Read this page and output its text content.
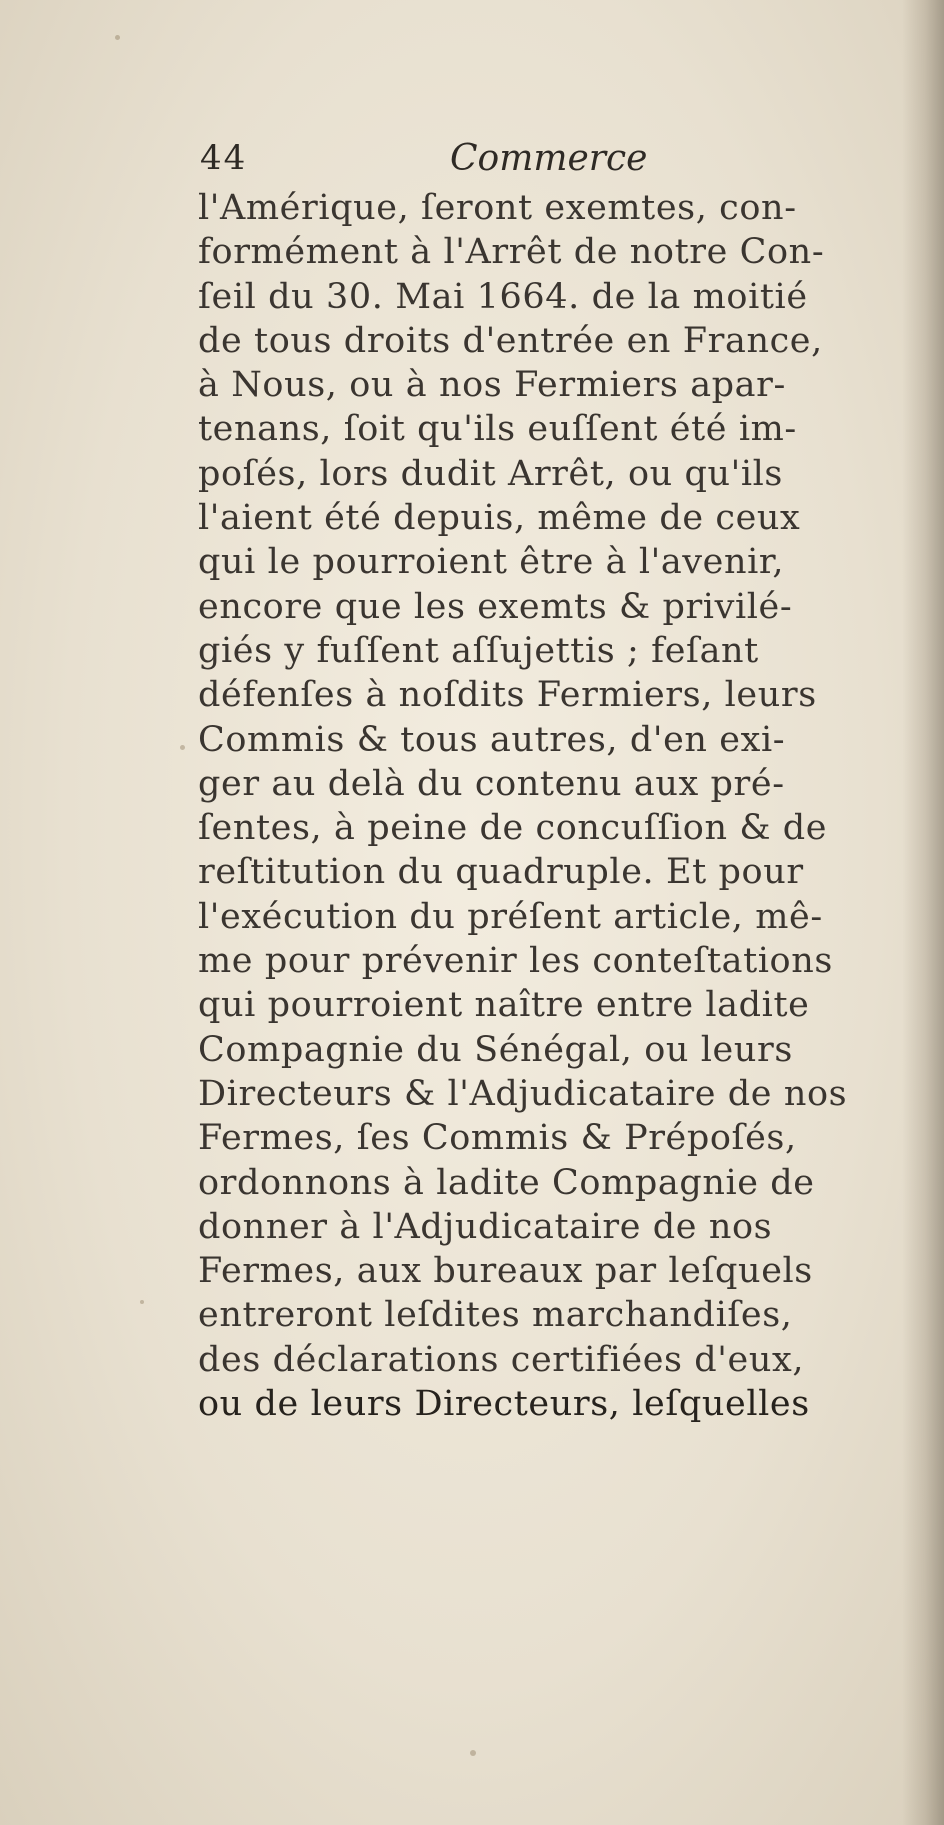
44	Commerce
l'Amérique, ſeront exemtes, con-
formément à l'Arrêt de notre Con-
ſeil du 30. Mai 1664. de la moitié
de tous droits d'entrée en France,
à Nous, ou à nos Fermiers apar-
tenans, ſoit qu'ils euſſent été im-
poſés, lors dudit Arrêt, ou qu'ils
l'aient été depuis, même de ceux
qui le pourroient être à l'avenir,
encore que les exemts & privilé-
giés y fuſſent aſſujettis ; feſant
défenſes à noſdits Fermiers, leurs
Commis & tous autres, d'en exi-
ger au delà du contenu aux pré-
ſentes, à peine de concuſſion & de
reſtitution du quadruple. Et pour
l'exécution du préſent article, mê-
me pour prévenir les conteſtations
qui pourroient naître entre ladite
Compagnie du Sénégal, ou leurs
Directeurs & l'Adjudicataire de nos
Fermes, ſes Commis & Prépoſés,
ordonnons à ladite Compagnie de
donner à l'Adjudicataire de nos
Fermes, aux bureaux par leſquels
entreront leſdites marchandiſes,
des déclarations certifiées d'eux,
ou de leurs Directeurs, leſquelles
